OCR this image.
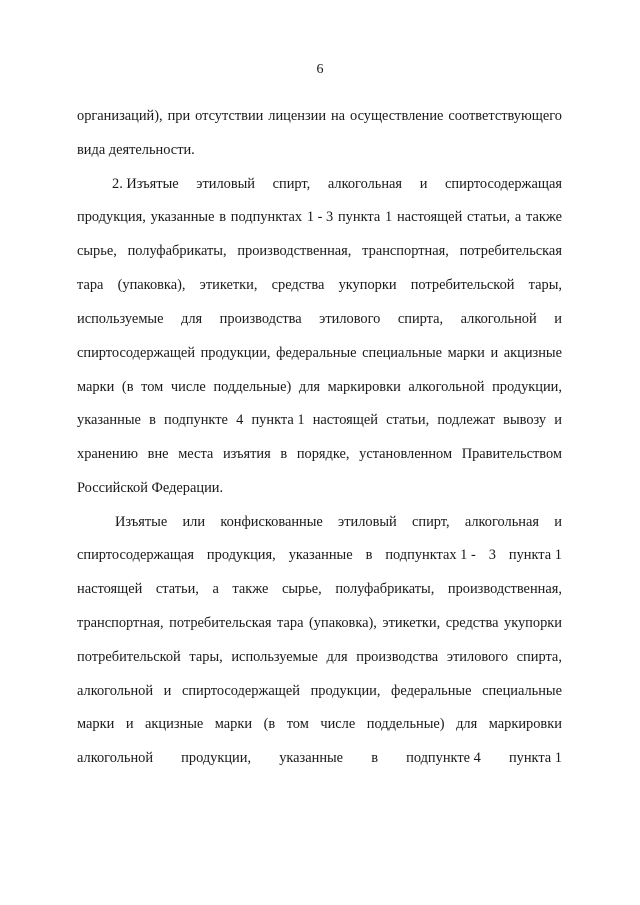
6
организаций), при отсутствии лицензии на осуществление соответствующего
вида деятельности.
2. Изъятые этиловый спирт, алкогольная и спиртосодержащая
продукция, указанные в подпунктах 1 - 3 пункта 1 настоящей статьи, а также
сырье, полуфабрикаты, производственная, транспортная, потребительская
тара (упаковка), этикетки, средства укупорки потребительской тары,
используемые для производства этилового спирта, алкогольной и
спиртосодержащей продукции, федеральные специальные марки и акцизные
марки (в том числе поддельные) для маркировки алкогольной продукции,
указанные в подпункте 4 пункта 1 настоящей статьи, подлежат вывозу и
хранению вне места изъятия в порядке, установленном Правительством
Российской Федерации.
Изъятые или конфискованные этиловый спирт, алкогольная и
спиртосодержащая продукция, указанные в подпунктах 1 - 3 пункта 1
настоящей статьи, а также сырье, полуфабрикаты, производственная,
транспортная, потребительская тара (упаковка), этикетки, средства укупорки
потребительской тары, используемые для производства этилового спирта,
алкогольной и спиртосодержащей продукции, федеральные специальные
марки и акцизные марки (в том числе поддельные) для маркировки
алкогольной продукции, указанные в подпункте 4 пункта 1
